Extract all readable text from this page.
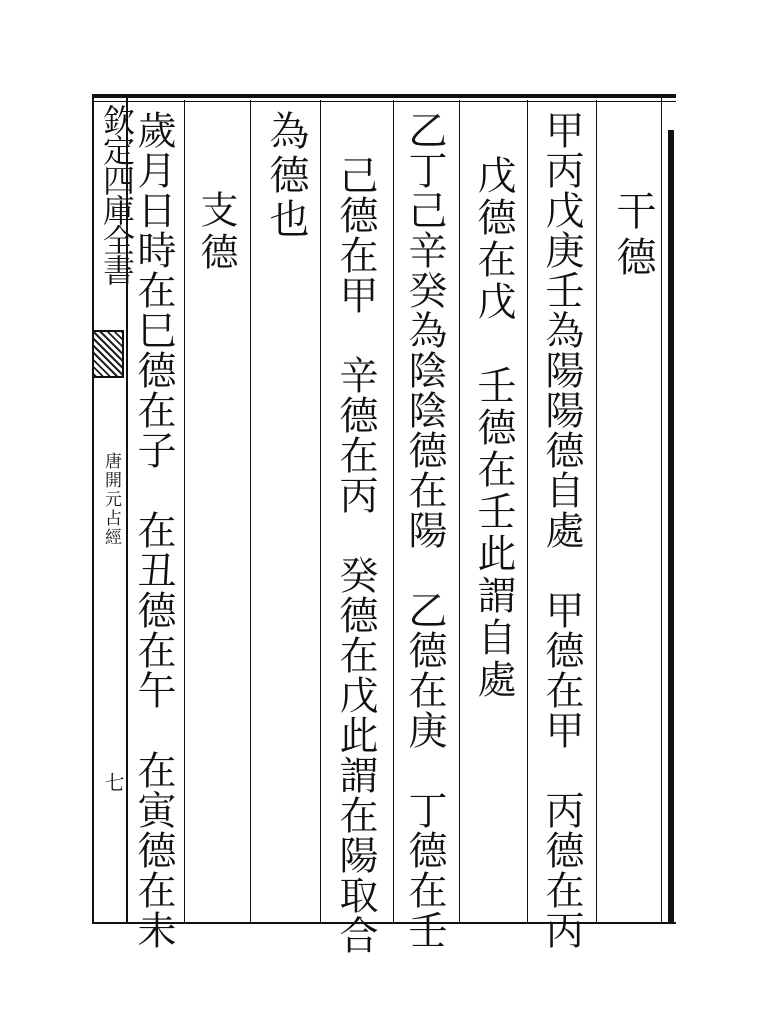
欽定四庫全書
唐開元占經
七
干德
甲丙戊庚壬為陽陽德自處　甲德在甲　丙德在丙
戊德在戊　壬德在壬此謂自處
乙丁己辛癸為陰陰德在陽　乙德在庚　丁德在壬
己德在甲　辛德在丙　癸德在戊此謂在陽取合
為德也
支德
歲月日時在巳德在子　在丑德在午　在寅德在未
